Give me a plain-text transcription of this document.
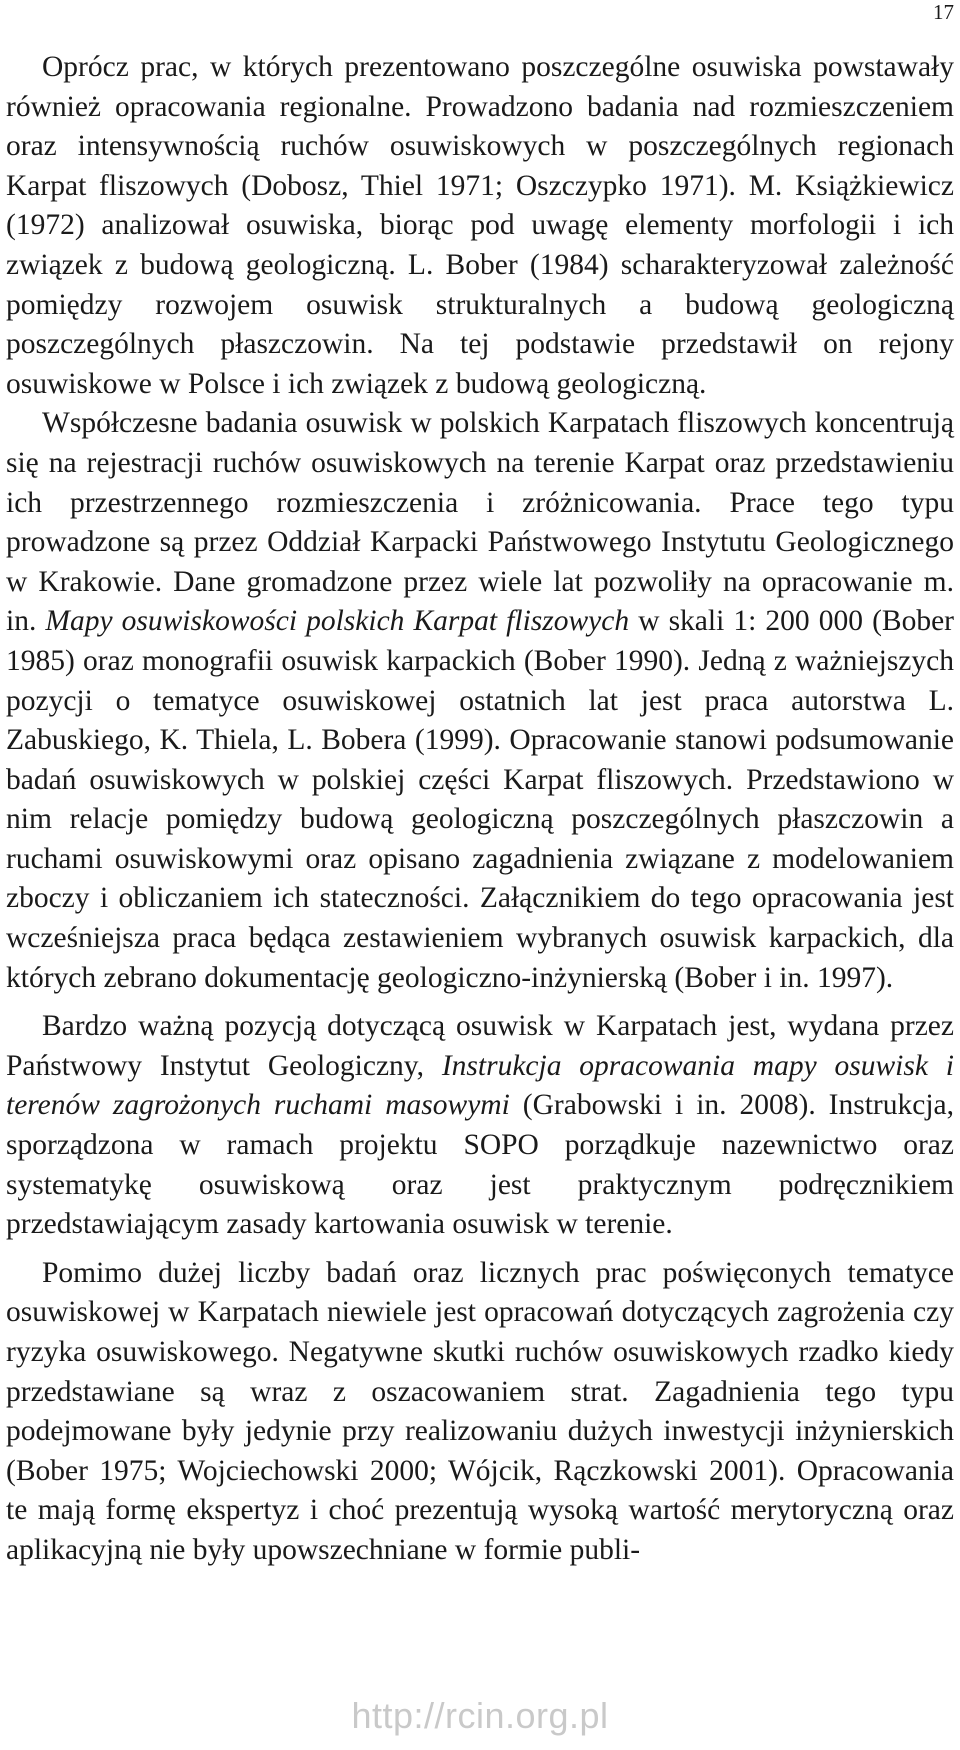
17

Oprócz prac, w których prezentowano poszczególne osuwiska powstawały również opracowania regionalne. Prowadzono badania nad rozmieszczeniem oraz intensywnością ruchów osuwiskowych w poszczególnych regionach Karpat fliszowych (Dobosz, Thiel 1971; Oszczypko 1971). M. Książkiewicz (1972) analizował osuwiska, biorąc pod uwagę elementy morfologii i ich związek z budową geologiczną. L. Bober (1984) scharakteryzował zależność pomiędzy rozwojem osuwisk strukturalnych a budową geologiczną poszczególnych płaszczowin. Na tej podstawie przedstawił on rejony osuwiskowe w Polsce i ich związek z budową geologiczną.

Współczesne badania osuwisk w polskich Karpatach fliszowych koncentrują się na rejestracji ruchów osuwiskowych na terenie Karpat oraz przedstawieniu ich przestrzennego rozmieszczenia i zróżnicowania. Prace tego typu prowadzone są przez Oddział Karpacki Państwowego Instytutu Geologicznego w Krakowie. Dane gromadzone przez wiele lat pozwoliły na opracowanie m. in. Mapy osuwiskowości polskich Karpat fliszowych w skali 1: 200 000 (Bober 1985) oraz monografii osuwisk karpackich (Bober 1990). Jedną z ważniejszych pozycji o tematyce osuwiskowej ostatnich lat jest praca autorstwa L. Zabuskiego, K. Thiela, L. Bobera (1999). Opracowanie stanowi podsumowanie badań osuwiskowych w polskiej części Karpat fliszowych. Przedstawiono w nim relacje pomiędzy budową geologiczną poszczególnych płaszczowin a ruchami osuwiskowymi oraz opisano zagadnienia związane z modelowaniem zboczy i obliczaniem ich stateczności. Załącznikiem do tego opracowania jest wcześniejsza praca będąca zestawieniem wybranych osuwisk karpackich, dla których zebrano dokumentację geologiczno-inżynierską (Bober i in. 1997).

Bardzo ważną pozycją dotyczącą osuwisk w Karpatach jest, wydana przez Państwowy Instytut Geologiczny, Instrukcja opracowania mapy osuwisk i terenów zagrożonych ruchami masowymi (Grabowski i in. 2008). Instrukcja, sporządzona w ramach projektu SOPO porządkuje nazewnictwo oraz systematykę osuwiskową oraz jest praktycznym podręcznikiem przedstawiającym zasady kartowania osuwisk w terenie.

Pomimo dużej liczby badań oraz licznych prac poświęconych tematyce osuwiskowej w Karpatach niewiele jest opracowań dotyczących zagrożenia czy ryzyka osuwiskowego. Negatywne skutki ruchów osuwiskowych rzadko kiedy przedstawiane są wraz z oszacowaniem strat. Zagadnienia tego typu podejmowane były jedynie przy realizowaniu dużych inwestycji inżynierskich (Bober 1975; Wojciechowski 2000; Wójcik, Rączkowski 2001). Opracowania te mają formę ekspertyz i choć prezentują wysoką wartość merytoryczną oraz aplikacyjną nie były upowszechniane w formie publi-

http://rcin.org.pl
